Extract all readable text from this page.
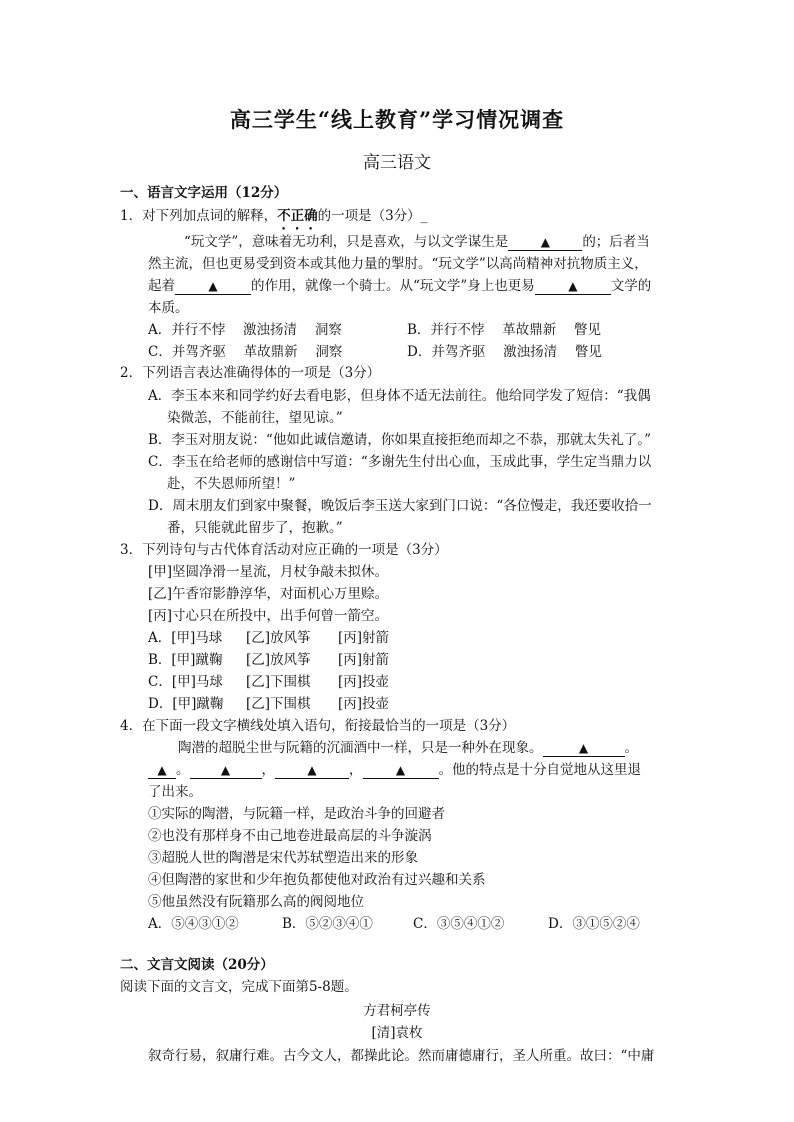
高三学生“线上教育”学习情况调查
高三语文
一、语言文字运用（12分）
1．对下列加点词的解释，不正确的一项是（3分）_
“玩文学”，意味着无功利，只是喜欢，与以文学谋生是	▲ 的；后者当
然主流，但也更易受到资本或其他力量的掣肘。“玩文学”以高尚精神对抗物质主义，
起着	▲ 的作用，就像一个骑士。从“玩文学”身上也更易	▲ 文学的
本质。
A．并行不悖　 激浊扬清　 洞察	B．并行不悖　 革故鼎新　 瞥见
C．并驾齐驱　 革故鼎新　 洞察	D．并驾齐驱　 激浊扬清　 瞥见
2．下列语言表达准确得体的一项是（3分）
A．李玉本来和同学约好去看电影，但身体不适无法前往。他给同学发了短信：“我偶
染微恙，不能前往，望见谅。”
B．李玉对朋友说：“他如此诚信邀请，你如果直接拒绝而却之不恭，那就太失礼了。”
C．李玉在给老师的感谢信中写道：“多谢先生付出心血，玉成此事，学生定当鼎力以
赴，不失恩师所望！”
D．周末朋友们到家中聚餐，晚饭后李玉送大家到门口说：“各位慢走，我还要收拾一
番，只能就此留步了，抱歉。”
3．下列诗句与古代体育活动对应正确的一项是（3分）
[甲]坚圆净滑一星流，月杖争敲未拟休。
[乙]午香帘影静淳华，对面机心万里赊。
[丙]寸心只在所投中，出手何曾一箭空。
A．[甲]马球 [乙]放风筝 [丙]射箭
B．[甲]蹴鞠 [乙]放风筝 [丙]射箭
C．[甲]马球 [乙]下围棋 [丙]投壶
D．[甲]蹴鞠 [乙]下围棋 [丙]投壶
4．在下面一段文字横线处填入语句，衔接最恰当的一项是（3分）
陶潜的超脱尘世与阮籍的沉湎酒中一样，只是一种外在现象。	▲	。
▲ 。	▲ ，	▲ ，	▲ 。他的特点是十分自觉地从这里退
了出来。
①实际的陶潜，与阮籍一样，是政治斗争的回避者
②也没有那样身不由己地卷进最高层的斗争漩涡
③超脱人世的陶潜是宋代苏轼塑造出来的形象
④但陶潜的家世和少年抱负都使他对政治有过兴趣和关系
⑤他虽然没有阮籍那么高的阀阅地位
A．⑤④③①②	B．⑤②③④①	C．③⑤④①②	D．③①⑤②④
二、文言文阅读（20分）
阅读下面的文言文，完成下面第5-8题。
方君柯亭传
[清]袁枚
叙奇行易，叙庸行难。古今文人，都操此论。然而庸德庸行，圣人所重。故曰：“中庸
